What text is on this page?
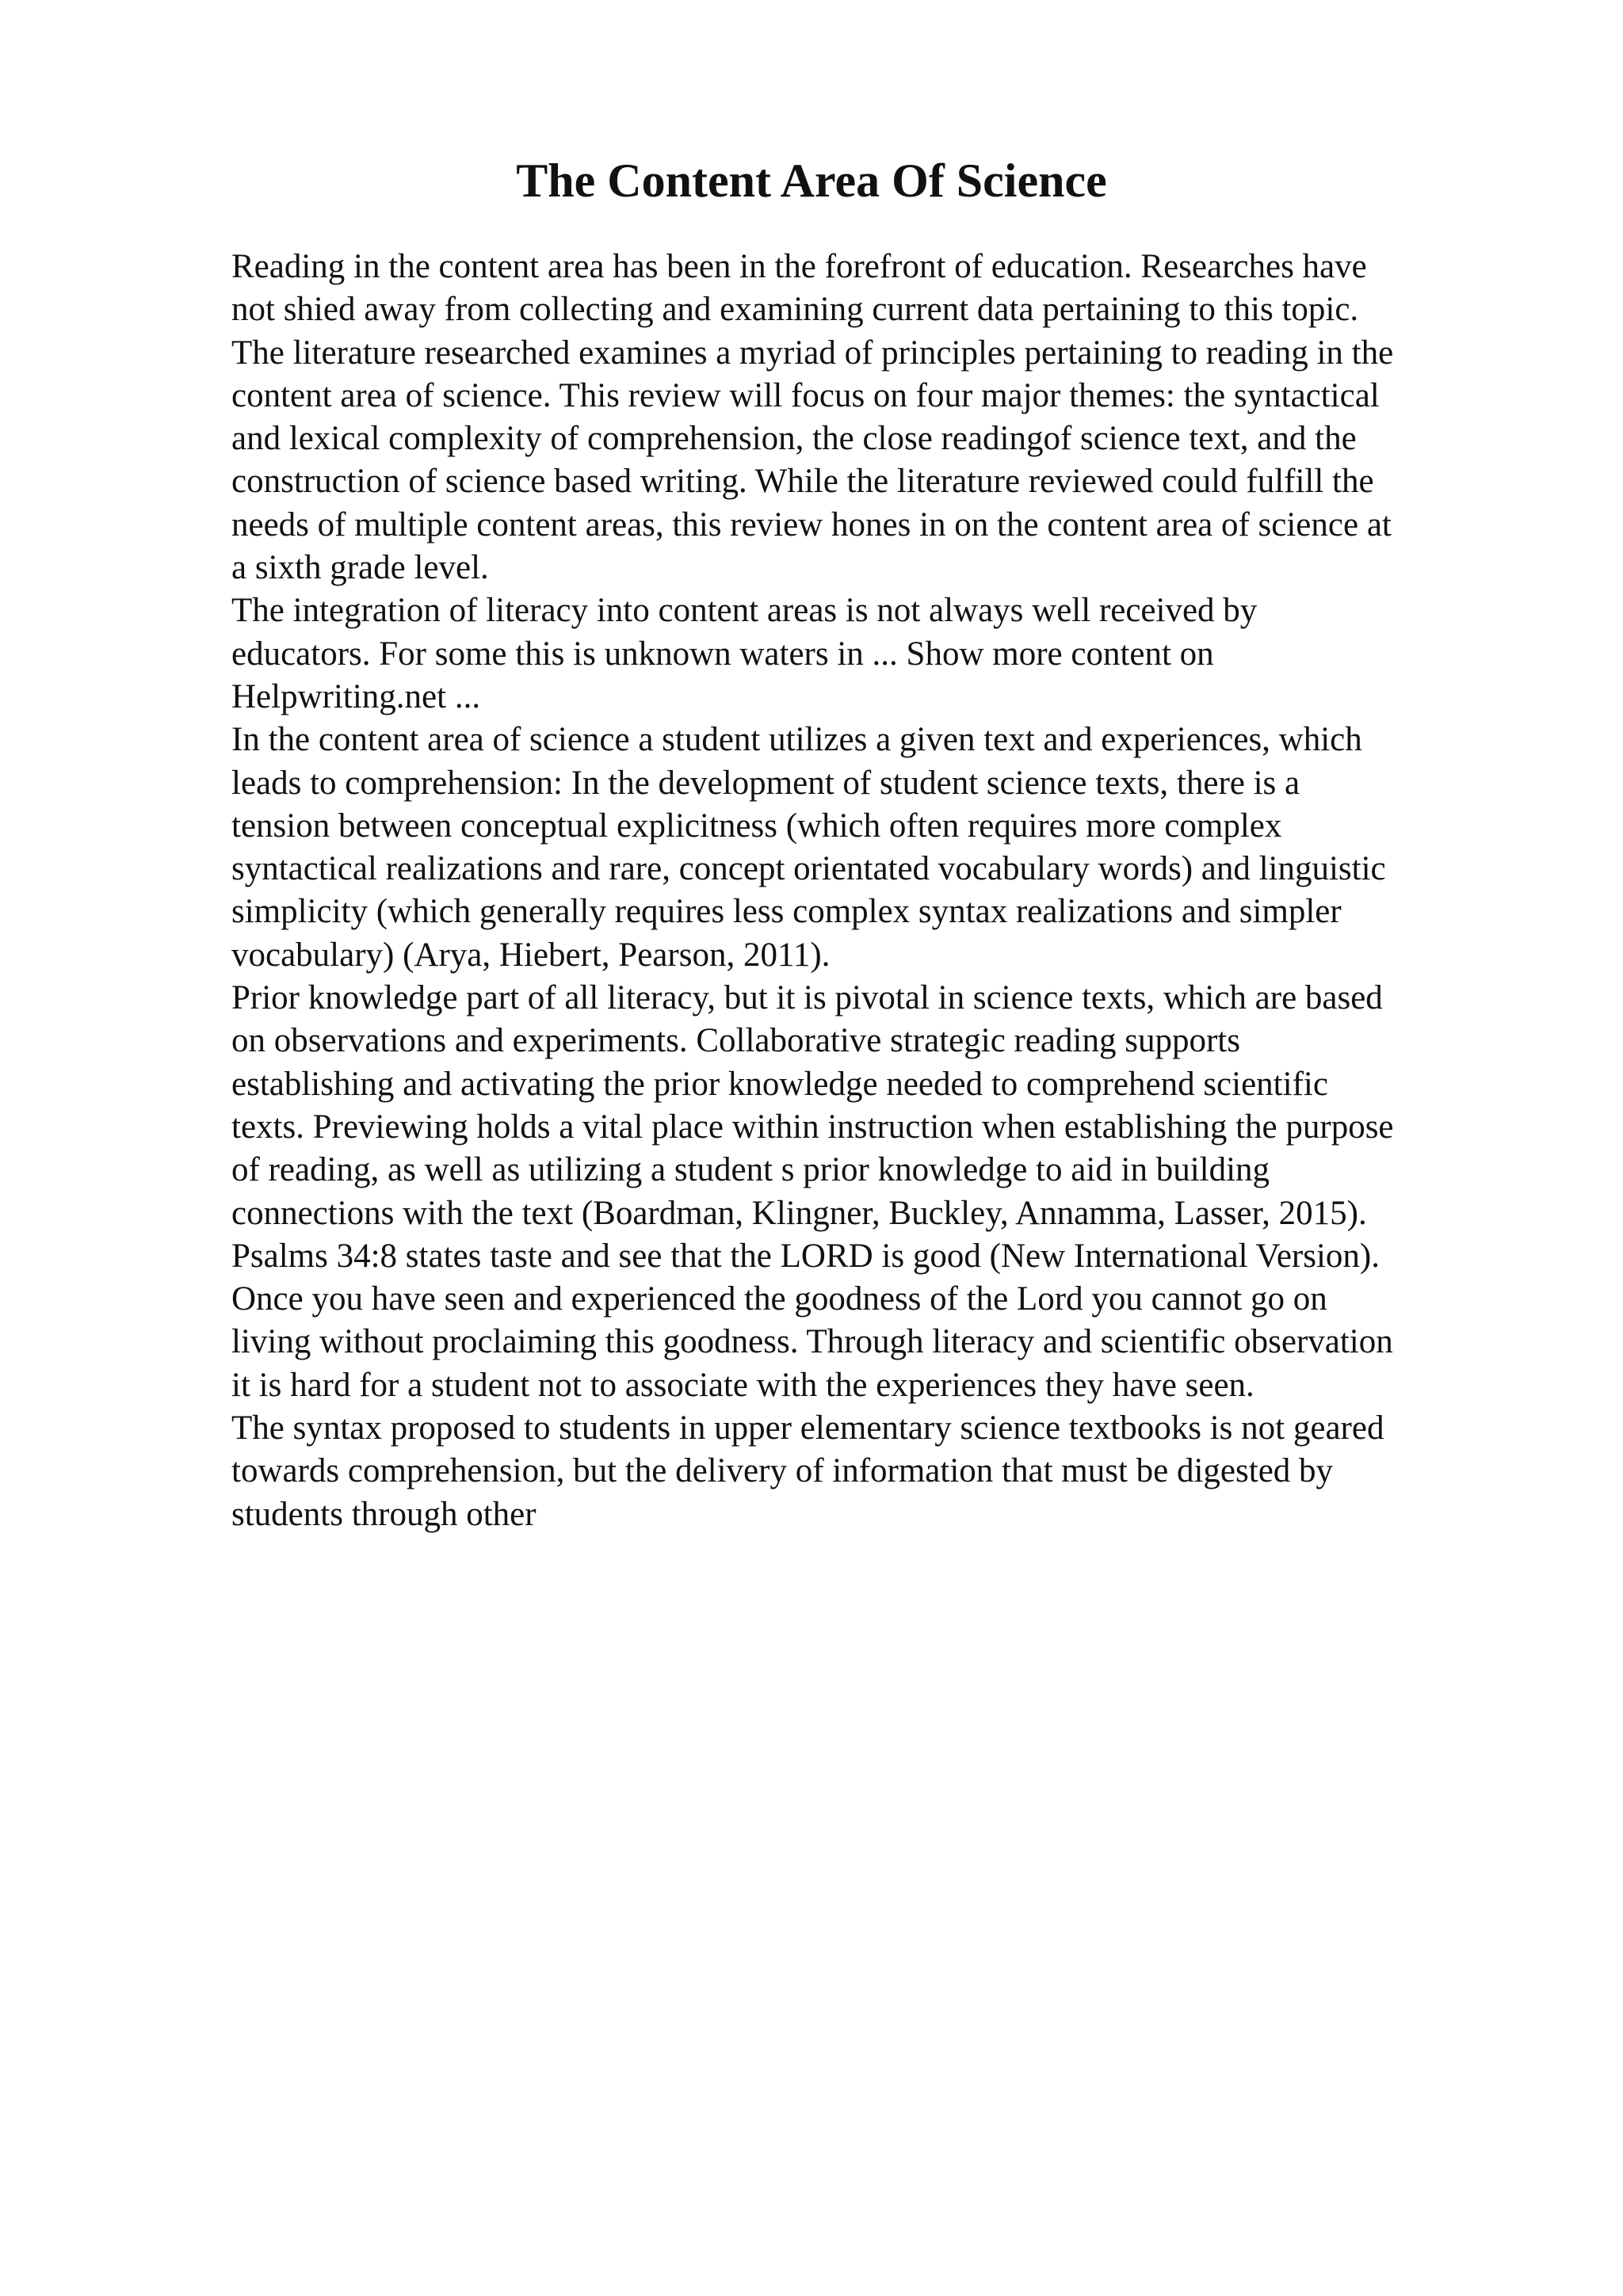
The Content Area Of Science

Reading in the content area has been in the forefront of education. Researches have
not shied away from collecting and examining current data pertaining to this topic.
The literature researched examines a myriad of principles pertaining to reading in the
content area of science. This review will focus on four major themes: the syntactical
and lexical complexity of comprehension, the close readingof science text, and the
construction of science based writing. While the literature reviewed could fulfill the
needs of multiple content areas, this review hones in on the content area of science at
a sixth grade level.

The integration of literacy into content areas is not always well received by
educators. For some this is unknown waters in ... Show more content on
Helpwriting.net ...

In the content area of science a student utilizes a given text and experiences, which
leads to comprehension: In the development of student science texts, there is a
tension between conceptual explicitness (which often requires more complex
syntactical realizations and rare, concept orientated vocabulary words) and linguistic
simplicity (which generally requires less complex syntax realizations and simpler
vocabulary) (Arya, Hiebert, Pearson, 2011).

Prior knowledge part of all literacy, but it is pivotal in science texts, which are based
on observations and experiments. Collaborative strategic reading supports
establishing and activating the prior knowledge needed to comprehend scientific
texts. Previewing holds a vital place within instruction when establishing the purpose
of reading, as well as utilizing a student s prior knowledge to aid in building
connections with the text (Boardman, Klingner, Buckley, Annamma, Lasser, 2015).
Psalms 34:8 states taste and see that the LORD is good (New International Version).
Once you have seen and experienced the goodness of the Lord you cannot go on
living without proclaiming this goodness. Through literacy and scientific observation
it is hard for a student not to associate with the experiences they have seen.

The syntax proposed to students in upper elementary science textbooks is not geared
towards comprehension, but the delivery of information that must be digested by
students through other
